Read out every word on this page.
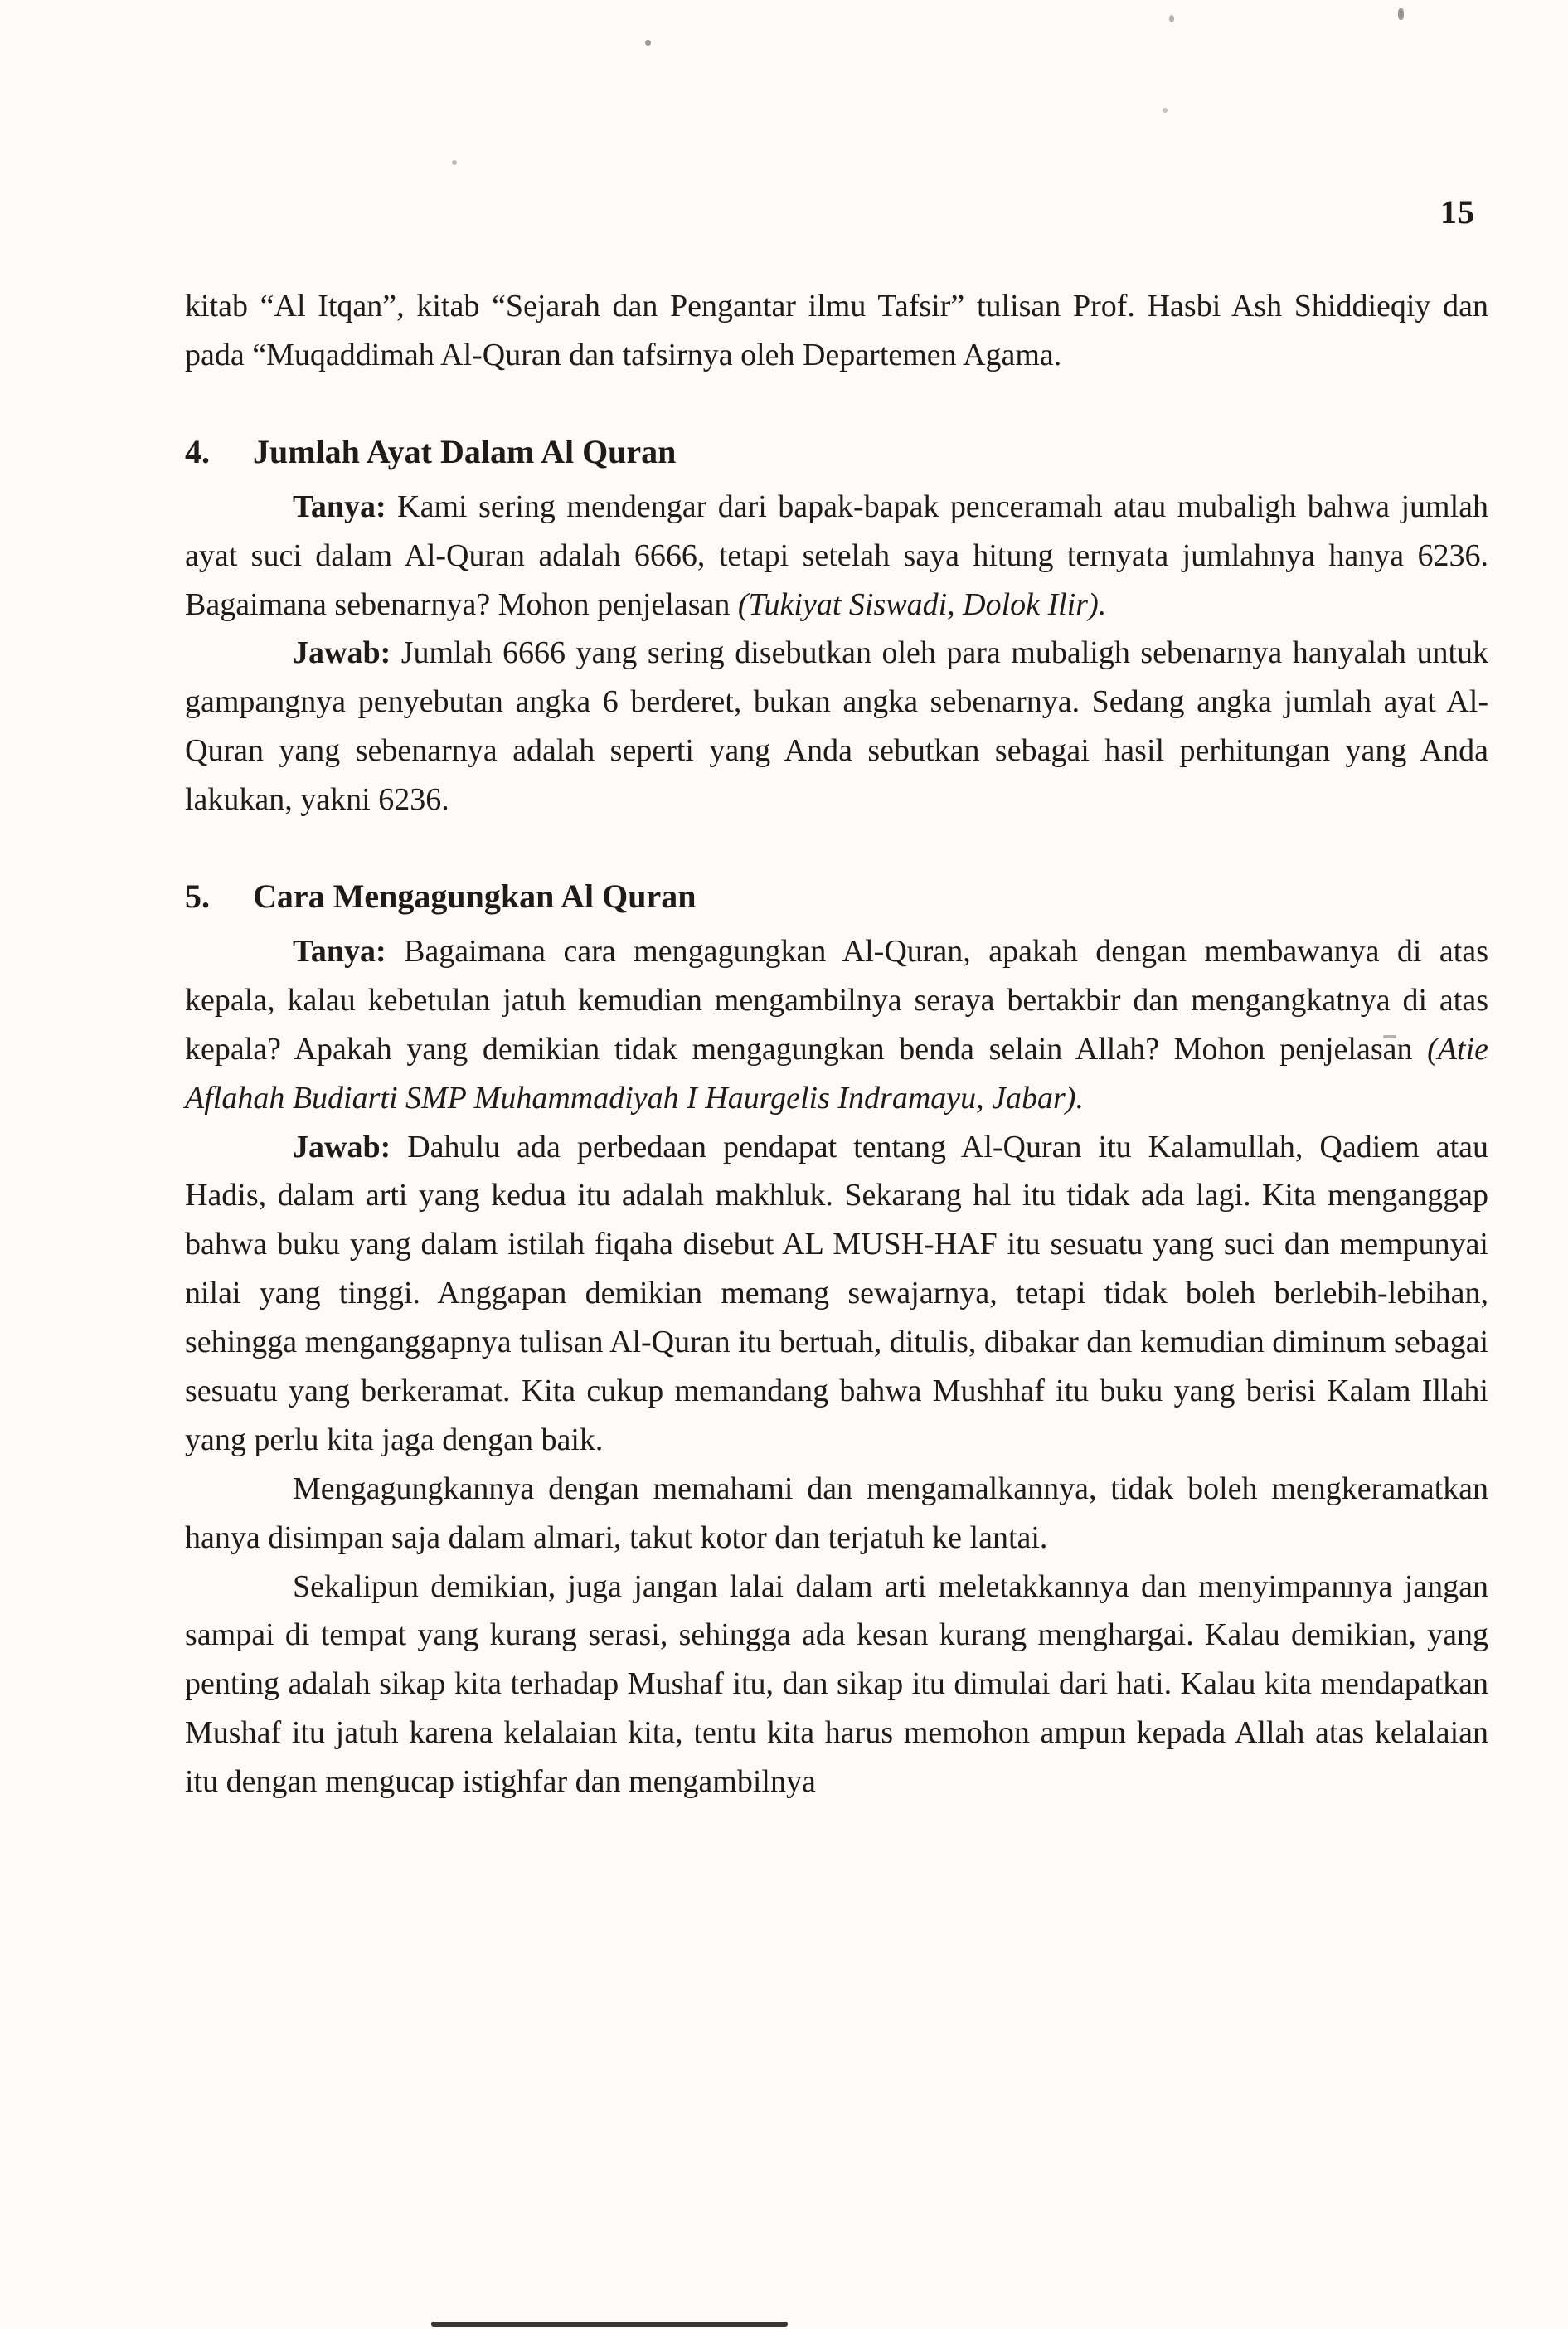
15

kitab “Al Itqan”, kitab “Sejarah dan Pengantar ilmu Tafsir” tulisan Prof. Hasbi Ash Shiddieqiy dan pada “Muqaddimah Al-Quran dan tafsirnya oleh Departemen Agama.

4. Jumlah Ayat Dalam Al Quran

Tanya: Kami sering mendengar dari bapak-bapak penceramah atau mubaligh bahwa jumlah ayat suci dalam Al-Quran adalah 6666, tetapi setelah saya hitung ternyata jumlahnya hanya 6236. Bagaimana sebenarnya? Mohon penjelasan (Tukiyat Siswadi, Dolok Ilir).

Jawab: Jumlah 6666 yang sering disebutkan oleh para mubaligh sebenarnya hanyalah untuk gampangnya penyebutan angka 6 berderet, bukan angka sebenarnya. Sedang angka jumlah ayat Al-Quran yang sebenarnya adalah seperti yang Anda sebutkan sebagai hasil perhitungan yang Anda lakukan, yakni 6236.

5. Cara Mengagungkan Al Quran

Tanya: Bagaimana cara mengagungkan Al-Quran, apakah dengan membawanya di atas kepala, kalau kebetulan jatuh kemudian mengambilnya seraya bertakbir dan mengangkatnya di atas kepala? Apakah yang demikian tidak mengagungkan benda selain Allah? Mohon penjelasan (Atie Aflahah Budiarti SMP Muhammadiyah I Haurgelis Indramayu, Jabar).

Jawab: Dahulu ada perbedaan pendapat tentang Al-Quran itu Kalamullah, Qadiem atau Hadis, dalam arti yang kedua itu adalah makhluk. Sekarang hal itu tidak ada lagi. Kita menganggap bahwa buku yang dalam istilah fiqaha disebut AL MUSH-HAF itu sesuatu yang suci dan mempunyai nilai yang tinggi. Anggapan demikian memang sewajarnya, tetapi tidak boleh berlebih-lebihan, sehingga menganggapnya tulisan Al-Quran itu bertuah, ditulis, dibakar dan kemudian diminum sebagai sesuatu yang berkeramat. Kita cukup memandang bahwa Mushhaf itu buku yang berisi Kalam Illahi yang perlu kita jaga dengan baik.

Mengagungkannya dengan memahami dan mengamalkannya, tidak boleh mengkeramatkan hanya disimpan saja dalam almari, takut kotor dan terjatuh ke lantai.

Sekalipun demikian, juga jangan lalai dalam arti meletakkannya dan menyimpannya jangan sampai di tempat yang kurang serasi, sehingga ada kesan kurang menghargai. Kalau demikian, yang penting adalah sikap kita terhadap Mushaf itu, dan sikap itu dimulai dari hati. Kalau kita mendapatkan Mushaf itu jatuh karena kelalaian kita, tentu kita harus memohon ampun kepada Allah atas kelalaian itu dengan mengucap istighfar dan mengambilnya
